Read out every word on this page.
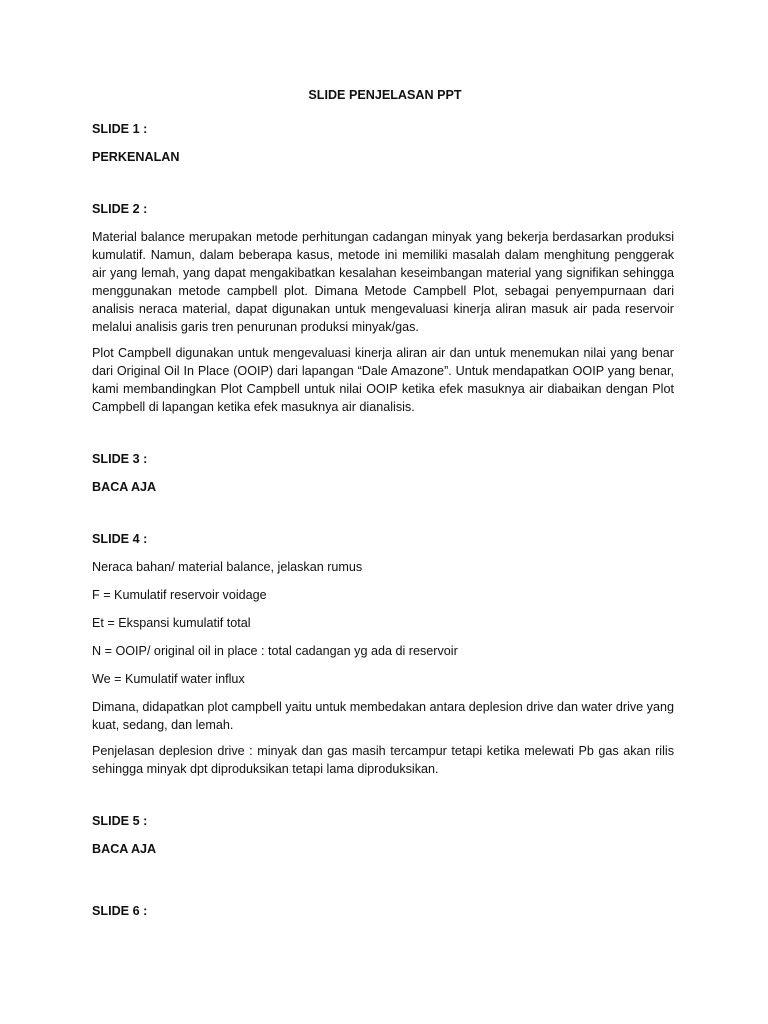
SLIDE PENJELASAN PPT
SLIDE 1 :
PERKENALAN
SLIDE 2 :

Material balance merupakan metode perhitungan cadangan minyak yang bekerja berdasarkan produksi kumulatif. Namun, dalam beberapa kasus, metode ini memiliki masalah dalam menghitung penggerak air yang lemah, yang dapat mengakibatkan kesalahan keseimbangan material yang signifikan sehingga menggunakan metode campbell plot. Dimana Metode Campbell Plot, sebagai penyempurnaan dari analisis neraca material, dapat digunakan untuk mengevaluasi kinerja aliran masuk air pada reservoir melalui analisis garis tren penurunan produksi minyak/gas.

Plot Campbell digunakan untuk mengevaluasi kinerja aliran air dan untuk menemukan nilai yang benar dari Original Oil In Place (OOIP) dari lapangan “Dale Amazone”. Untuk mendapatkan OOIP yang benar, kami membandingkan Plot Campbell untuk nilai OOIP ketika efek masuknya air diabaikan dengan Plot Campbell di lapangan ketika efek masuknya air dianalisis.

SLIDE 3 :
BACA AJA
SLIDE 4 :
Neraca bahan/ material balance, jelaskan rumus
F = Kumulatif reservoir voidage
Et = Ekspansi kumulatif total
N = OOIP/ original oil in place : total cadangan yg ada di reservoir
We = Kumulatif water influx

Dimana, didapatkan plot campbell yaitu untuk membedakan antara deplesion drive dan water drive yang kuat, sedang, dan lemah.

Penjelasan deplesion drive : minyak dan gas masih tercampur tetapi ketika melewati Pb gas akan rilis sehingga minyak dpt diproduksikan tetapi lama diproduksikan.

SLIDE 5 :
BACA AJA
SLIDE 6 :
